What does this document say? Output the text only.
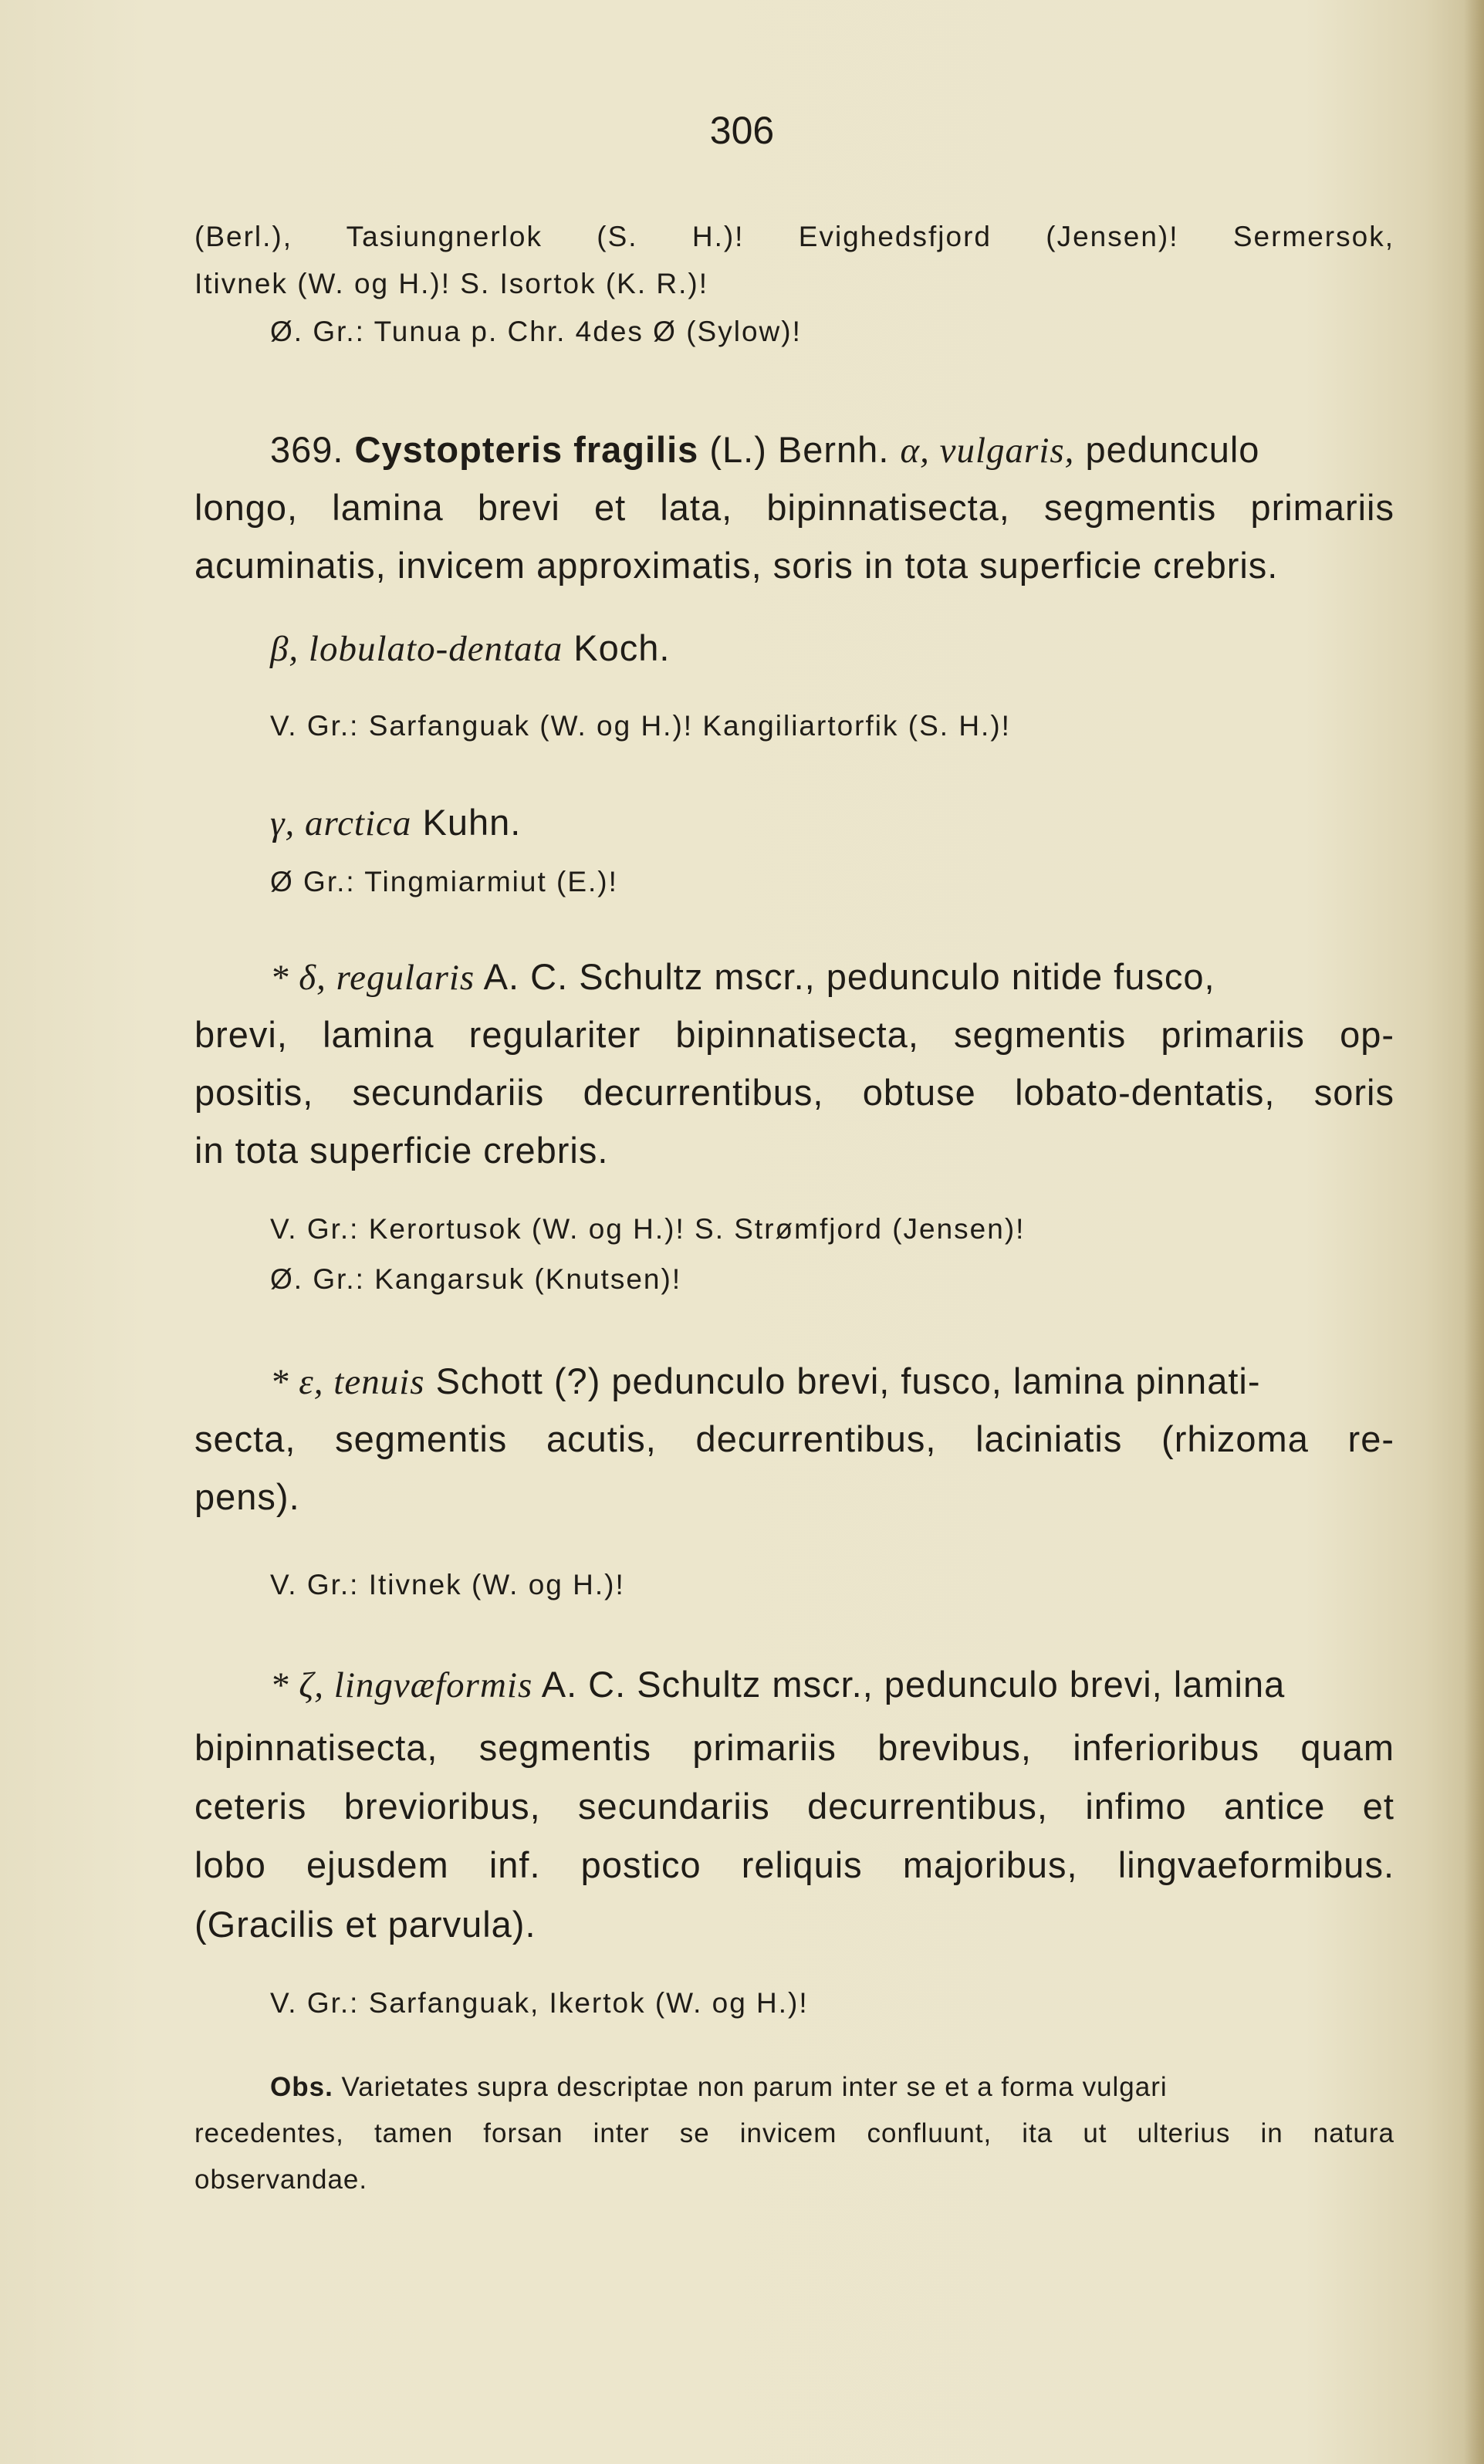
306
(Berl.), Tasiungnerlok (S. H.)! Evighedsfjord (Jensen)! Sermersok,
Itivnek (W. og H.)! S. Isortok (K. R.)!
Ø. Gr.: Tunua p. Chr. 4des Ø (Sylow)!
369. Cystopteris fragilis (L.) Bernh. α, vulgaris, pedunculo
longo, lamina brevi et lata, bipinnatisecta, segmentis primariis
acuminatis, invicem approximatis, soris in tota superficie crebris.
β, lobulato-dentata Koch.
V. Gr.: Sarfanguak (W. og H.)! Kangiliartorfik (S. H.)!
γ, arctica Kuhn.
Ø Gr.: Tingmiarmiut (E.)!
* δ, regularis A. C. Schultz mscr., pedunculo nitide fusco,
brevi, lamina regulariter bipinnatisecta, segmentis primariis op-
positis, secundariis decurrentibus, obtuse lobato-dentatis, soris
in tota superficie crebris.
V. Gr.: Kerortusok (W. og H.)! S. Strømfjord (Jensen)!
Ø. Gr.: Kangarsuk (Knutsen)!
* ε, tenuis Schott (?) pedunculo brevi, fusco, lamina pinnati-
secta, segmentis acutis, decurrentibus, laciniatis (rhizoma re-
pens).
V. Gr.: Itivnek (W. og H.)!
* ζ, lingvæformis A. C. Schultz mscr., pedunculo brevi, lamina
bipinnatisecta, segmentis primariis brevibus, inferioribus quam
ceteris brevioribus, secundariis decurrentibus, infimo antice et
lobo ejusdem inf. postico reliquis majoribus, lingvaeformibus.
(Gracilis et parvula).
V. Gr.: Sarfanguak, Ikertok (W. og H.)!
Obs. Varietates supra descriptae non parum inter se et a forma vulgari
recedentes, tamen forsan inter se invicem confluunt, ita ut ulterius in natura
observandae.
